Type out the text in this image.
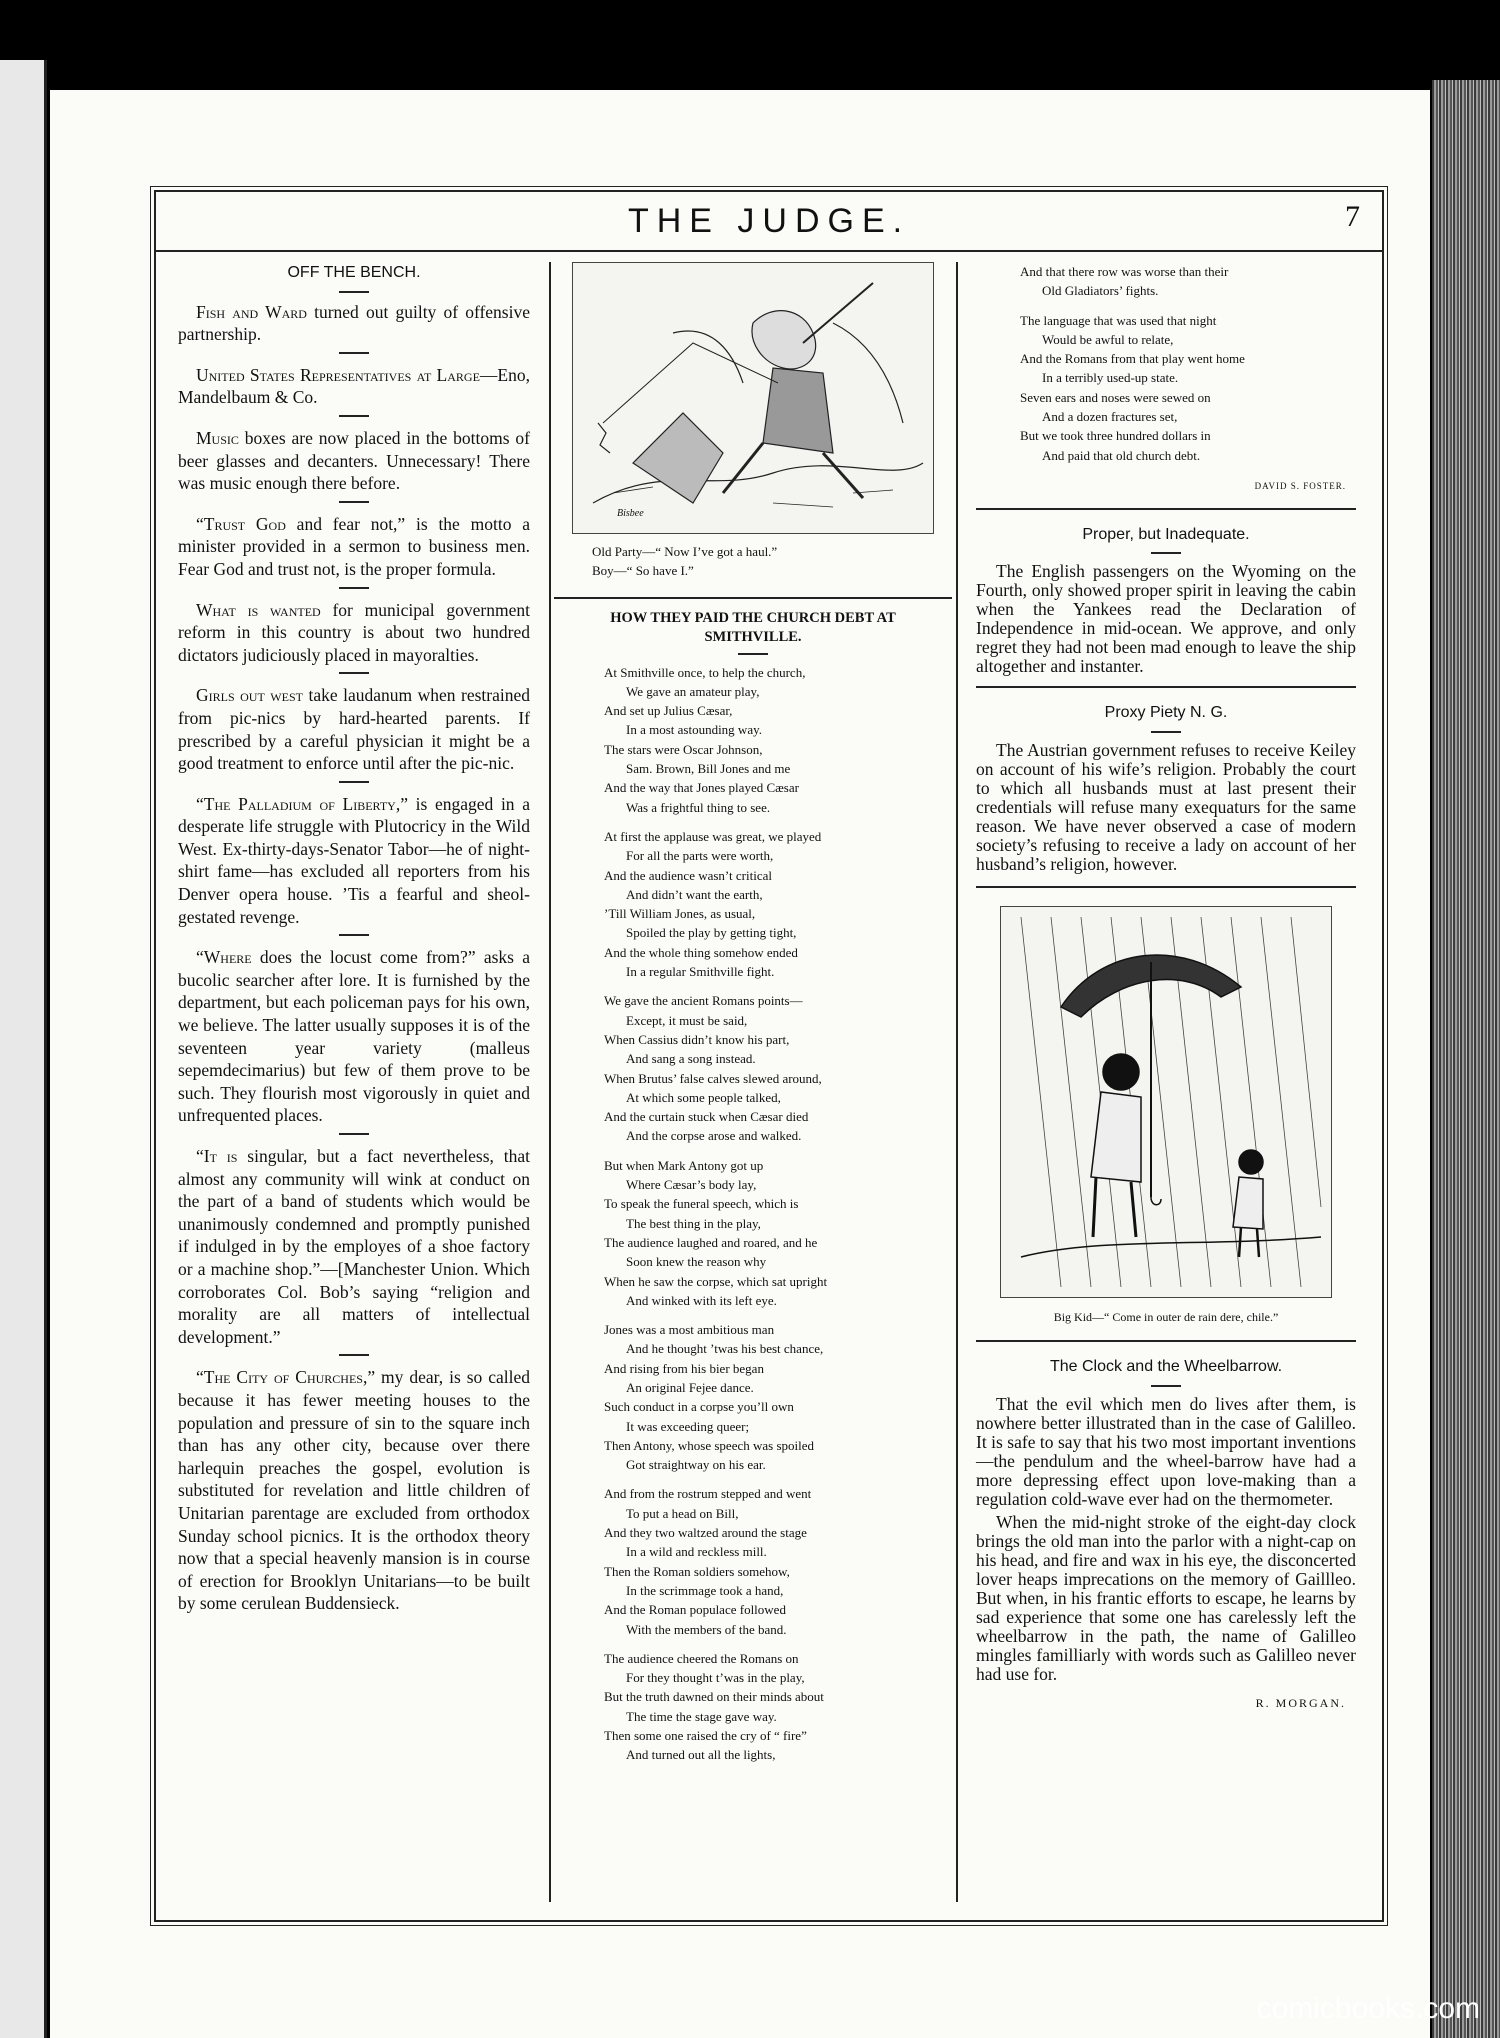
THE JUDGE.	7
OFF THE BENCH.

Fish and Ward turned out guilty of offensive partnership.

United States Representatives at Large—Eno, Mandelbaum & Co.

Music boxes are now placed in the bottoms of beer glasses and decanters. Unnecessary! There was music enough there before.

“Trust God and fear not,” is the motto a minister provided in a sermon to business men. Fear God and trust not, is the proper formula.

What is wanted for municipal government reform in this country is about two hundred dictators judiciously placed in mayoralties.

Girls out west take laudanum when restrained from pic-nics by hard-hearted parents. If prescribed by a careful physician it might be a good treatment to enforce until after the pic-nic.

“The Palladium of Liberty,” is engaged in a desperate life struggle with Plutocricy in the Wild West. Ex-thirty-days-Senator Tabor—he of night-shirt fame—has excluded all reporters from his Denver opera house. ’Tis a fearful and sheol-gestated revenge.

“Where does the locust come from?” asks a bucolic searcher after lore. It is furnished by the department, but each policeman pays for his own, we believe. The latter usually supposes it is of the seventeen year variety (malleus sepemdecimarius) but few of them prove to be such. They flourish most vigorously in quiet and unfrequented places.

“It is singular, but a fact nevertheless, that almost any community will wink at conduct on the part of a band of students which would be unanimously condemned and promptly punished if indulged in by the employes of a shoe factory or a machine shop.”—[Manchester Union. Which corroborates Col. Bob’s saying “religion and morality are all matters of intellectual development.”

“The City of Churches,” my dear, is so called because it has fewer meeting houses to the population and pressure of sin to the square inch than has any other city, because over there harlequin preaches the gospel, evolution is substituted for revelation and little children of Unitarian parentage are excluded from orthodox Sunday school picnics. It is the orthodox theory now that a special heavenly mansion is in course of erection for Brooklyn Unitarians—to be built by some cerulean Buddensieck.

Bisbee
Old Party—“ Now I’ve got a haul.”
Boy—“ So have I.”
HOW THEY PAID THE CHURCH DEBT AT SMITHVILLE.
At Smithville once, to help the church,
We gave an amateur play,
And set up Julius Cæsar,
In a most astounding way.
The stars were Oscar Johnson,
Sam. Brown, Bill Jones and me
And the way that Jones played Cæsar
Was a frightful thing to see.
At first the applause was great, we played
For all the parts were worth,
And the audience wasn’t critical
And didn’t want the earth,
’Till William Jones, as usual,
Spoiled the play by getting tight,
And the whole thing somehow ended
In a regular Smithville fight.
We gave the ancient Romans points—
Except, it must be said,
When Cassius didn’t know his part,
And sang a song instead.
When Brutus’ false calves slewed around,
At which some people talked,
And the curtain stuck when Cæsar died
And the corpse arose and walked.
But when Mark Antony got up
Where Cæsar’s body lay,
To speak the funeral speech, which is
The best thing in the play,
The audience laughed and roared, and he
Soon knew the reason why
When he saw the corpse, which sat upright
And winked with its left eye.
Jones was a most ambitious man
And he thought ’twas his best chance,
And rising from his bier began
An original Fejee dance.
Such conduct in a corpse you’ll own
It was exceeding queer;
Then Antony, whose speech was spoiled
Got straightway on his ear.
And from the rostrum stepped and went
To put a head on Bill,
And they two waltzed around the stage
In a wild and reckless mill.
Then the Roman soldiers somehow,
In the scrimmage took a hand,
And the Roman populace followed
With the members of the band.
The audience cheered the Romans on
For they thought t’was in the play,
But the truth dawned on their minds about
The time the stage gave way.
Then some one raised the cry of “ fire”
And turned out all the lights,
And that there row was worse than their
Old Gladiators’ fights.
The language that was used that night
Would be awful to relate,
And the Romans from that play went home
In a terribly used-up state.
Seven ears and noses were sewed on
And a dozen fractures set,
But we took three hundred dollars in
And paid that old church debt.
DAVID S. FOSTER.
Proper, but Inadequate.

The English passengers on the Wyoming on the Fourth, only showed proper spirit in leaving the cabin when the Yankees read the Declaration of Independence in mid-ocean. We approve, and only regret they had not been mad enough to leave the ship altogether and instanter.

Proxy Piety N. G.

The Austrian government refuses to receive Keiley on account of his wife’s religion. Probably the court to which all husbands must at last present their credentials will refuse many exequaturs for the same reason. We have never observed a case of modern society’s refusing to receive a lady on account of her husband’s religion, however.

Big Kid—“ Come in outer de rain dere, chile.”
The Clock and the Wheelbarrow.

That the evil which men do lives after them, is nowhere better illustrated than in the case of Galilleo. It is safe to say that his two most important inventions—the pendulum and the wheel-barrow have had a more depressing effect upon love-making than a regulation cold-wave ever had on the thermometer.

When the mid-night stroke of the eight-day clock brings the old man into the parlor with a night-cap on his head, and fire and wax in his eye, the disconcerted lover heaps imprecations on the memory of Gaillleo. But when, in his frantic efforts to escape, he learns by sad experience that some one has carelessly left the wheelbarrow in the path, the name of Galilleo mingles familliarly with words such as Galilleo never had use for.

R. MORGAN.
comicbooks.com
